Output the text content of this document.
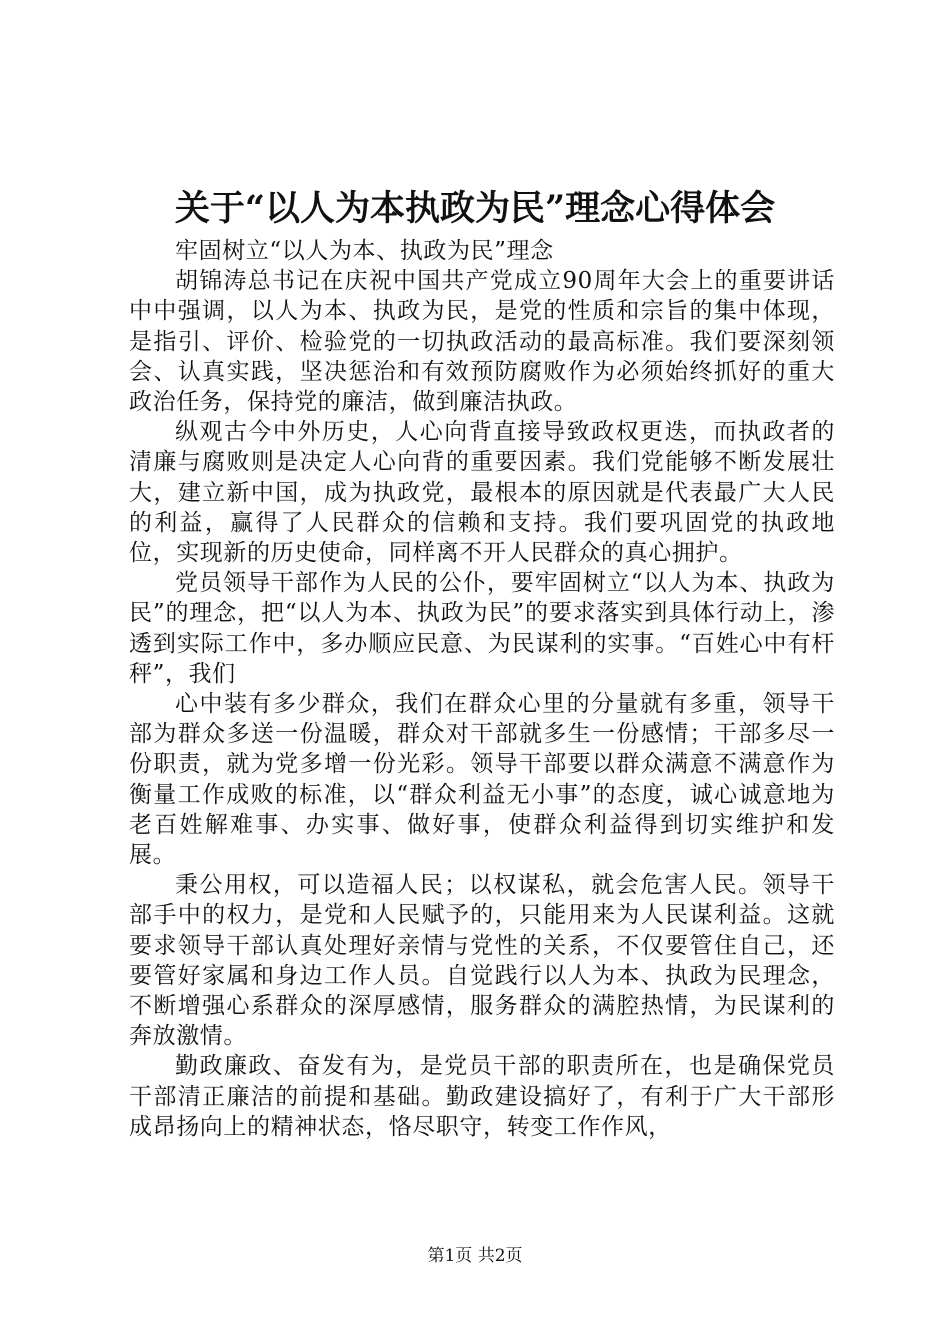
关于“以人为本执政为民”理念心得体会

牢固树立“以人为本、执政为民”理念

胡锦涛总书记在庆祝中国共产党成立90周年大会上的重要讲话中中强调，以人为本、执政为民，是党的性质和宗旨的集中体现，是指引、评价、检验党的一切执政活动的最高标准。我们要深刻领会、认真实践，坚决惩治和有效预防腐败作为必须始终抓好的重大政治任务，保持党的廉洁，做到廉洁执政。

纵观古今中外历史，人心向背直接导致政权更迭，而执政者的清廉与腐败则是决定人心向背的重要因素。我们党能够不断发展壮大，建立新中国，成为执政党，最根本的原因就是代表最广大人民的利益，赢得了人民群众的信赖和支持。我们要巩固党的执政地位，实现新的历史使命，同样离不开人民群众的真心拥护。

党员领导干部作为人民的公仆，要牢固树立“以人为本、执政为民”的理念，把“以人为本、执政为民”的要求落实到具体行动上，渗透到实际工作中，多办顺应民意、为民谋利的实事。“百姓心中有杆秤”，我们

心中装有多少群众，我们在群众心里的分量就有多重，领导干部为群众多送一份温暖，群众对干部就多生一份感情；干部多尽一份职责，就为党多增一份光彩。领导干部要以群众满意不满意作为衡量工作成败的标准，以“群众利益无小事”的态度，诚心诚意地为老百姓解难事、办实事、做好事，使群众利益得到切实维护和发展。

秉公用权，可以造福人民；以权谋私，就会危害人民。领导干部手中的权力，是党和人民赋予的，只能用来为人民谋利益。这就要求领导干部认真处理好亲情与党性的关系，不仅要管住自己，还要管好家属和身边工作人员。自觉践行以人为本、执政为民理念，不断增强心系群众的深厚感情，服务群众的满腔热情，为民谋利的奔放激情。

勤政廉政、奋发有为，是党员干部的职责所在，也是确保党员干部清正廉洁的前提和基础。勤政建设搞好了，有利于广大干部形成昂扬向上的精神状态，恪尽职守，转变工作作风，

第1页 共2页
